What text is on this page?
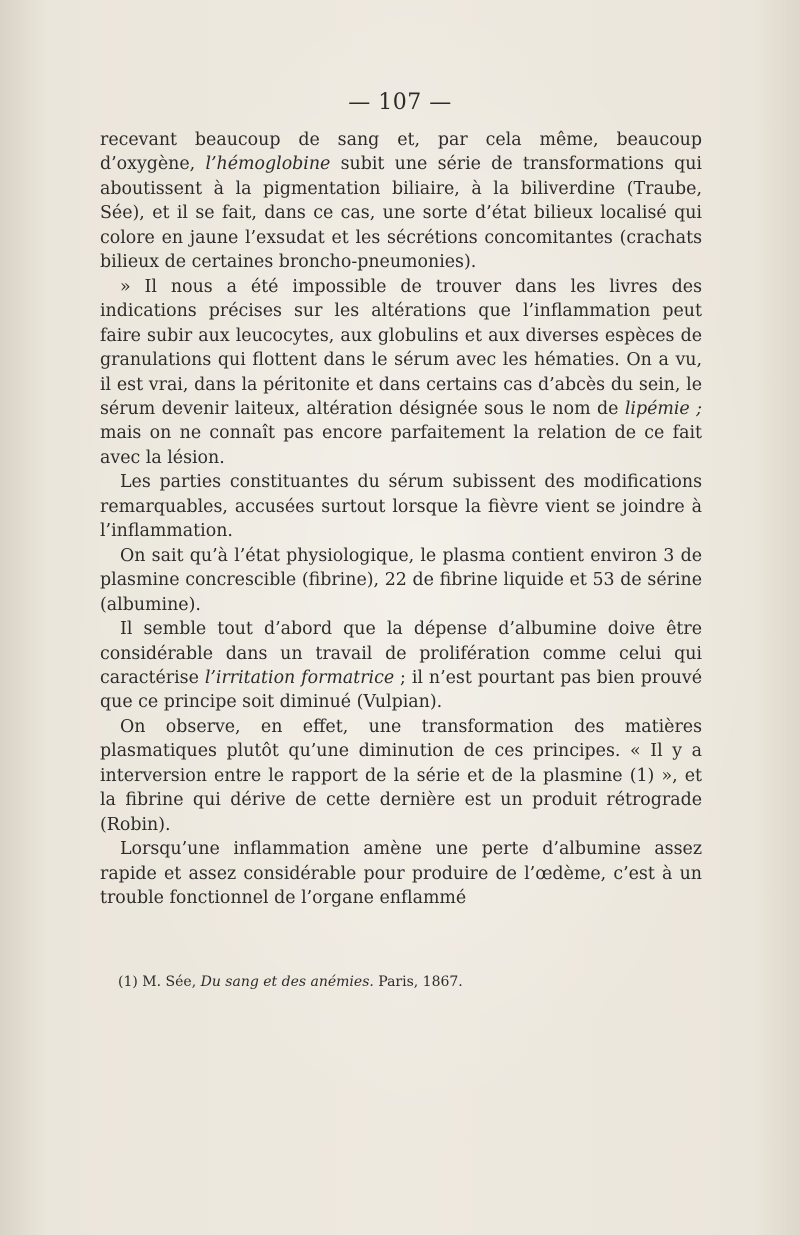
— 107 —

recevant beaucoup de sang et, par cela même, beaucoup d’oxygène, l’hémoglobine subit une série de transformations qui aboutissent à la pigmentation biliaire, à la biliverdine (Traube, Sée), et il se fait, dans ce cas, une sorte d’état bilieux localisé qui colore en jaune l’exsudat et les sécrétions concomitantes (crachats bilieux de certaines broncho-pneumonies).

» Il nous a été impossible de trouver dans les livres des indications précises sur les altérations que l’inflammation peut faire subir aux leucocytes, aux globulins et aux diverses espèces de granulations qui flottent dans le sérum avec les hématies. On a vu, il est vrai, dans la péritonite et dans certains cas d’abcès du sein, le sérum devenir laiteux, altération désignée sous le nom de lipémie ; mais on ne connaît pas encore parfaitement la relation de ce fait avec la lésion.

Les parties constituantes du sérum subissent des modifications remarquables, accusées surtout lorsque la fièvre vient se joindre à l’inflammation.

On sait qu’à l’état physiologique, le plasma contient environ 3 de plasmine concrescible (fibrine), 22 de fibrine liquide et 53 de sérine (albumine).

Il semble tout d’abord que la dépense d’albumine doive être considérable dans un travail de prolifération comme celui qui caractérise l’irritation formatrice ; il n’est pourtant pas bien prouvé que ce principe soit diminué (Vulpian).

On observe, en effet, une transformation des matières plasmatiques plutôt qu’une diminution de ces principes. « Il y a interversion entre le rapport de la série et de la plasmine (1) », et la fibrine qui dérive de cette dernière est un produit rétrograde (Robin).

Lorsqu’une inflammation amène une perte d’albumine assez rapide et assez considérable pour produire de l’œdème, c’est à un trouble fonctionnel de l’organe enflammé

(1) M. Sée, Du sang et des anémies. Paris, 1867.
